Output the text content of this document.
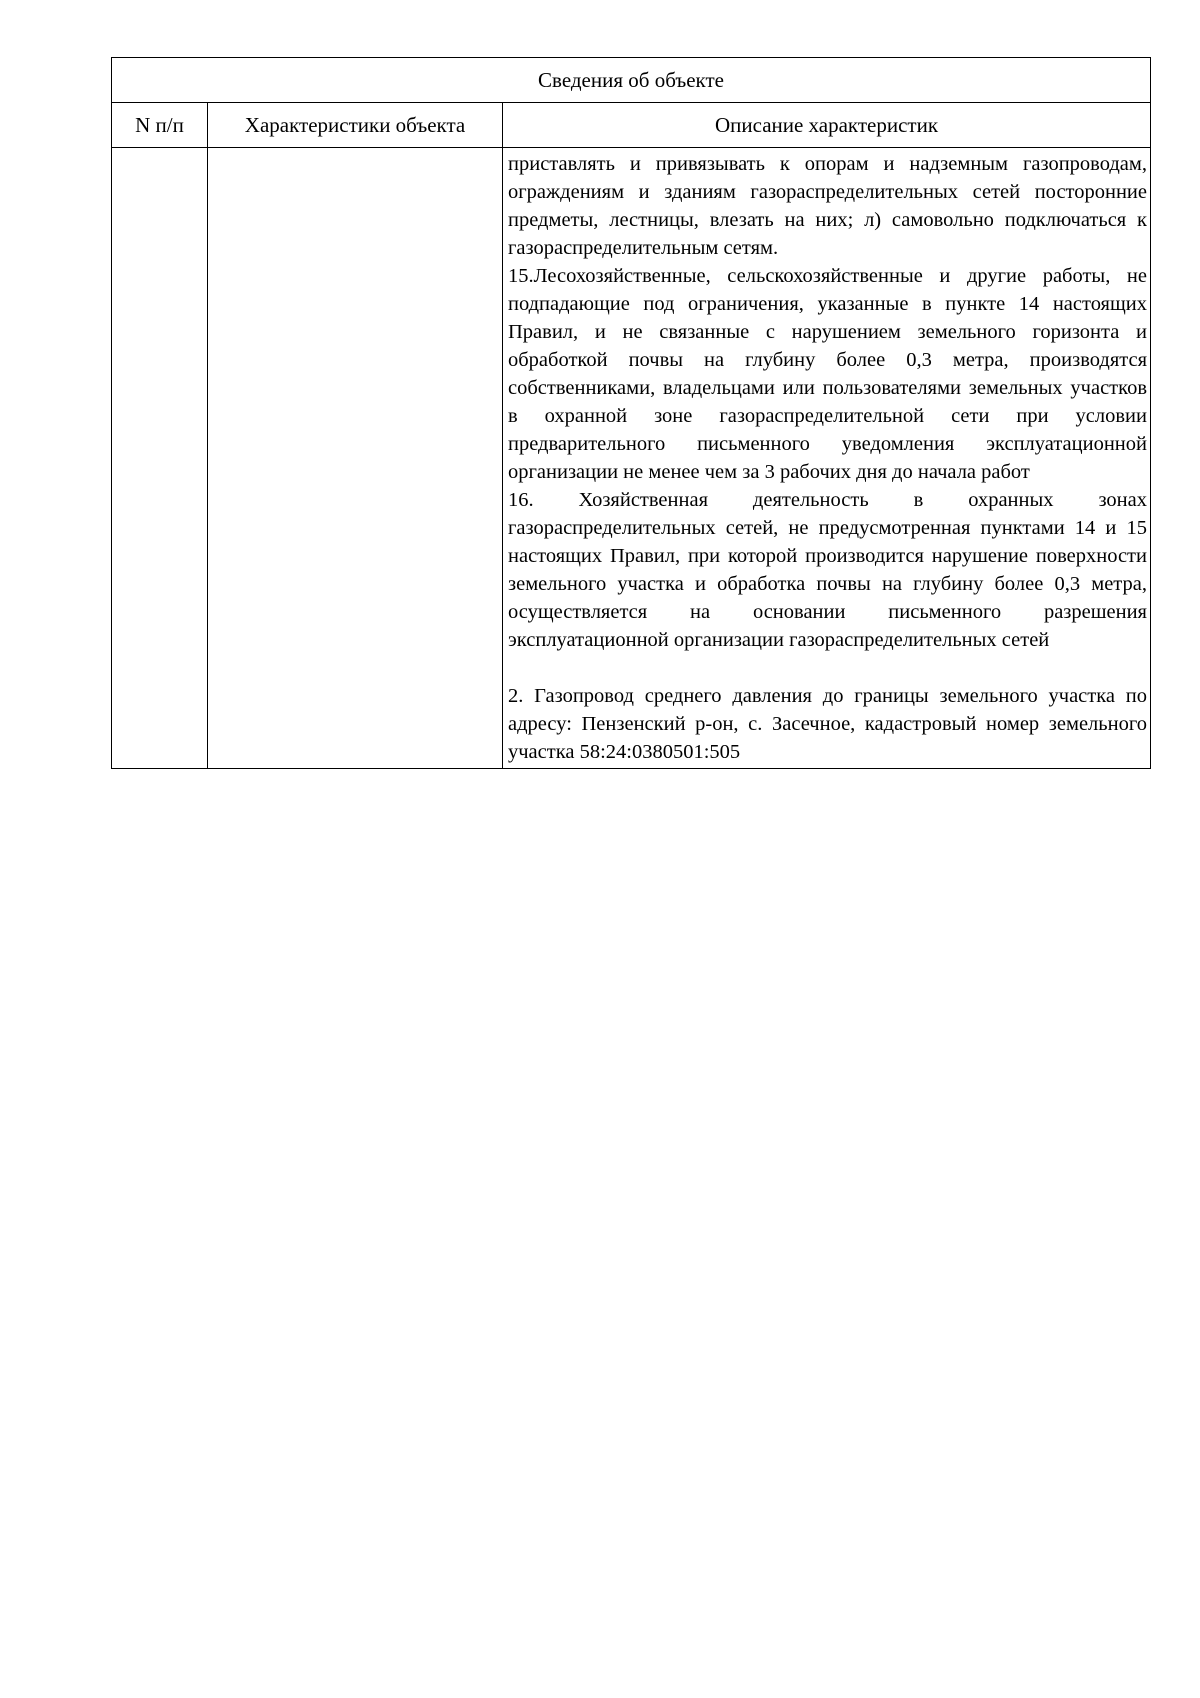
Сведения об объекте		
N п/п	Характеристики объекта	Описание характеристик

		приставлять и привязывать к опорам и надземным газопроводам, ограждениям и зданиям газораспределительных сетей посторонние предметы, лестницы, влезать на них; л) самовольно подключаться к газораспределительным сетям.

15.Лесохозяйственные, сельскохозяйственные и другие работы, не подпадающие под ограничения, указанные в пункте 14 настоящих Правил, и не связанные с нарушением земельного горизонта и обработкой почвы на глубину более 0,3 метра, производятся собственниками, владельцами или пользователями земельных участков в охранной зоне газораспределительной сети при условии предварительного письменного уведомления эксплуатационной организации не менее чем за 3 рабочих дня до начала работ

16. Хозяйственная деятельность в охранных зонах газораспределительных сетей, не предусмотренная пунктами 14 и 15 настоящих Правил, при которой производится нарушение поверхности земельного участка и обработка почвы на глубину более 0,3 метра, осуществляется на основании письменного разрешения эксплуатационной организации газораспределительных сетей

2. Газопровод среднего давления до границы земельного участка по адресу: Пензенский р-он, с. Засечное, кадастровый номер земельного участка 58:24:0380501:505
